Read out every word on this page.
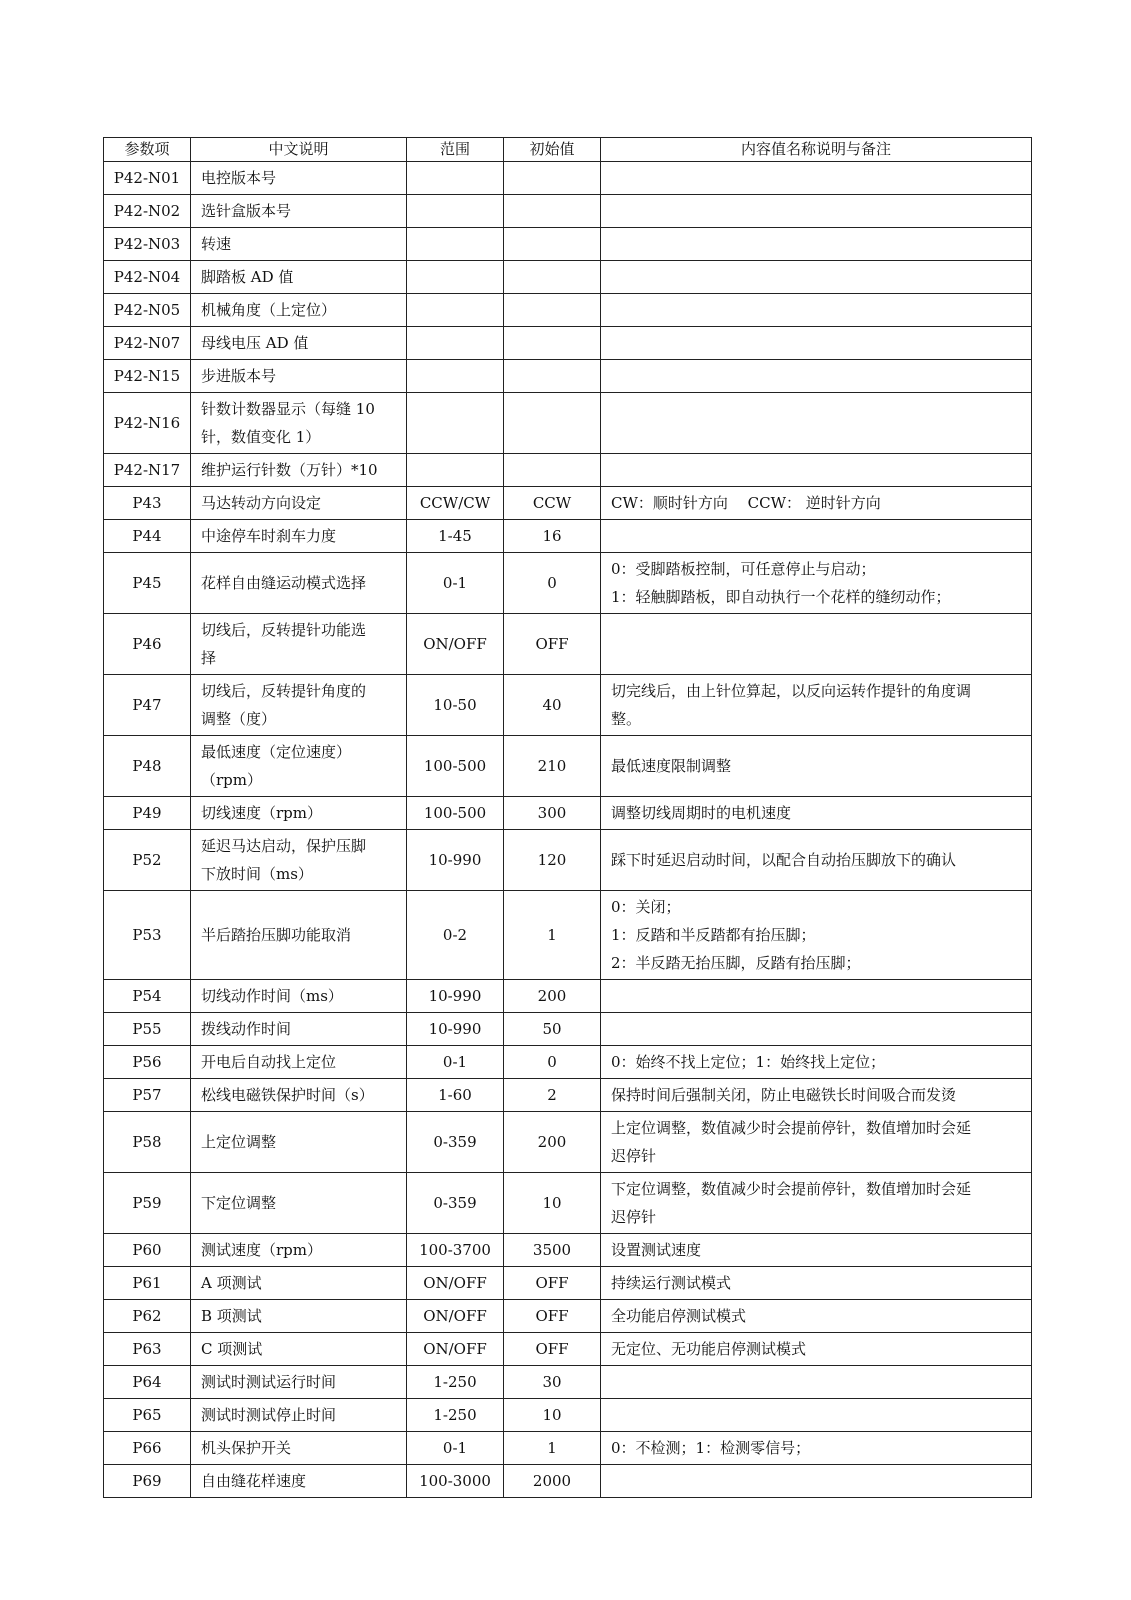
参数项	中文说明	范围	初始值	内容值名称说明与备注
P42-N01	电控版本号			

P42-N02	选针盒版本号			

P42-N03	转速			

P42-N04	脚踏板 AD 值			

P42-N05	机械角度（上定位）			

P42-N07	母线电压 AD 值			

P42-N15	步进版本号			

P42-N16	针数计数器显示（每缝 10
针，数值变化 1）			

P42-N17	维护运行针数（万针）*10			

P43	马达转动方向设定	CCW/CW	CCW	CW：顺时针方向　 CCW： 逆时针方向

P44	中途停车时刹车力度	1-45	16	
P45	花样自由缝运动模式选择	0-1	0	0：受脚踏板控制，可任意停止与启动；
1：轻触脚踏板，即自动执行一个花样的缝纫动作；

P46	切线后，反转提针功能选
择	ON/OFF	OFF	
P47	切线后，反转提针角度的
调整（度）	10-50	40	切完线后，由上针位算起，以反向运转作提针的角度调
整。

P48	最低速度（定位速度）
（rpm）	100-500	210	最低速度限制调整

P49	切线速度（rpm）	100-500	300	调整切线周期时的电机速度

P52	延迟马达启动，保护压脚
下放时间（ms）	10-990	120	踩下时延迟启动时间，以配合自动抬压脚放下的确认

P53	半后踏抬压脚功能取消	0-2	1	0：关闭；
1：反踏和半反踏都有抬压脚；
2：半反踏无抬压脚，反踏有抬压脚；

P54	切线动作时间（ms）	10-990	200	
P55	拨线动作时间	10-990	50	
P56	开电后自动找上定位	0-1	0	0：始终不找上定位；1：始终找上定位；

P57	松线电磁铁保护时间（s）	1-60	2	保持时间后强制关闭，防止电磁铁长时间吸合而发烫

P58	上定位调整	0-359	200	上定位调整，数值减少时会提前停针，数值增加时会延
迟停针

P59	下定位调整	0-359	10	下定位调整，数值减少时会提前停针，数值增加时会延
迟停针

P60	测试速度（rpm）	100-3700	3500	设置测试速度

P61	A 项测试	ON/OFF	OFF	持续运行测试模式

P62	B 项测试	ON/OFF	OFF	全功能启停测试模式

P63	C 项测试	ON/OFF	OFF	无定位、无功能启停测试模式

P64	测试时测试运行时间	1-250	30	
P65	测试时测试停止时间	1-250	10	
P66	机头保护开关	0-1	1	0：不检测；1：检测零信号；

P69	自由缝花样速度	100-3000	2000	
